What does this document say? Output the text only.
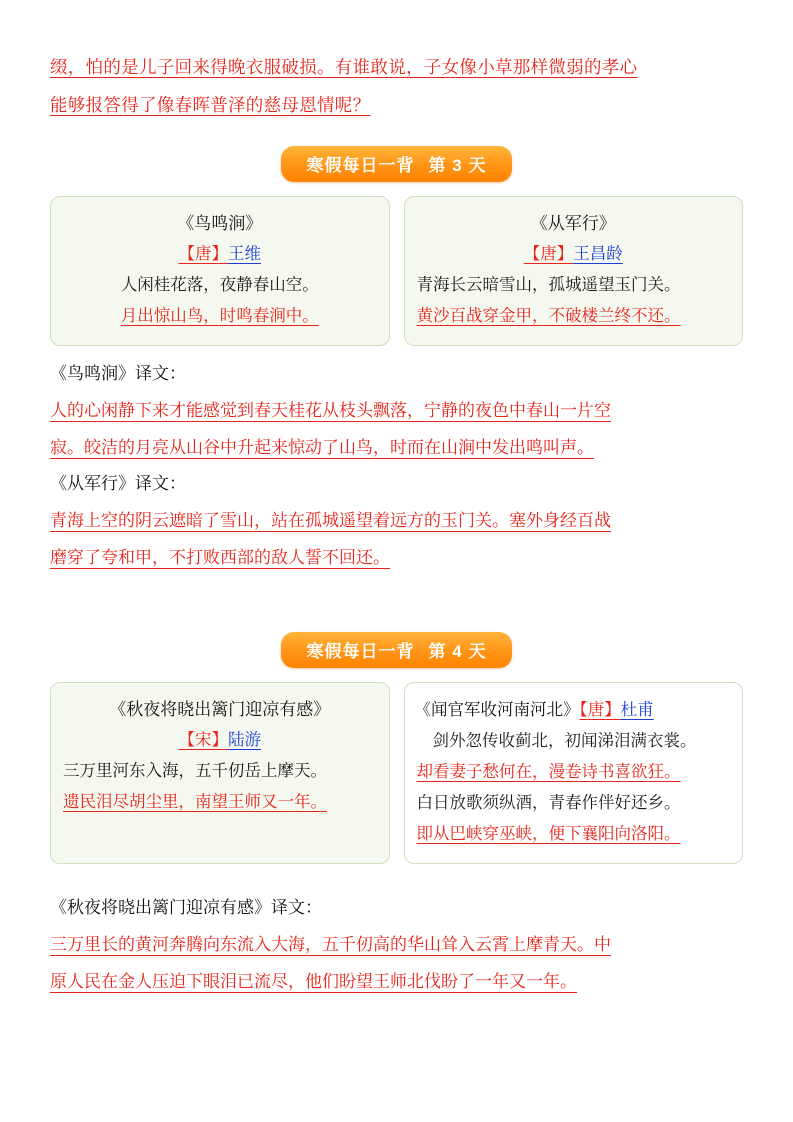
缀，怕的是儿子回来得晚衣服破损。有谁敢说，子女像小草那样微弱的孝心
能够报答得了像春晖普泽的慈母恩情呢？
寒假每日一背 第 3 天
《鸟鸣涧》
【唐】王维
人闲桂花落，夜静春山空。
月出惊山鸟，时鸣春涧中。
《从军行》
【唐】王昌龄
青海长云暗雪山，孤城遥望玉门关。
黄沙百战穿金甲，不破楼兰终不还。
《鸟鸣涧》译文：
人的心闲静下来才能感觉到春天桂花从枝头飘落，宁静的夜色中春山一片空
寂。皎洁的月亮从山谷中升起来惊动了山鸟，时而在山涧中发出鸣叫声。
《从军行》译文：
青海上空的阴云遮暗了雪山，站在孤城遥望着远方的玉门关。塞外身经百战
磨穿了夸和甲，不打败西部的敌人誓不回还。
寒假每日一背 第 4 天
《秋夜将晓出篱门迎凉有感》
【宋】陆游
三万里河东入海，五千仞岳上摩天。
遗民泪尽胡尘里，南望王师又一年。
《闻官军收河南河北》【唐】杜甫
剑外忽传收蓟北，初闻涕泪满衣裳。
却看妻子愁何在，漫卷诗书喜欲狂。
白日放歌须纵酒，青春作伴好还乡。
即从巴峡穿巫峡，便下襄阳向洛阳。
《秋夜将晓出篱门迎凉有感》译文：
三万里长的黄河奔腾向东流入大海，五千仞高的华山耸入云霄上摩青天。中
原人民在金人压迫下眼泪已流尽，他们盼望王师北伐盼了一年又一年。
